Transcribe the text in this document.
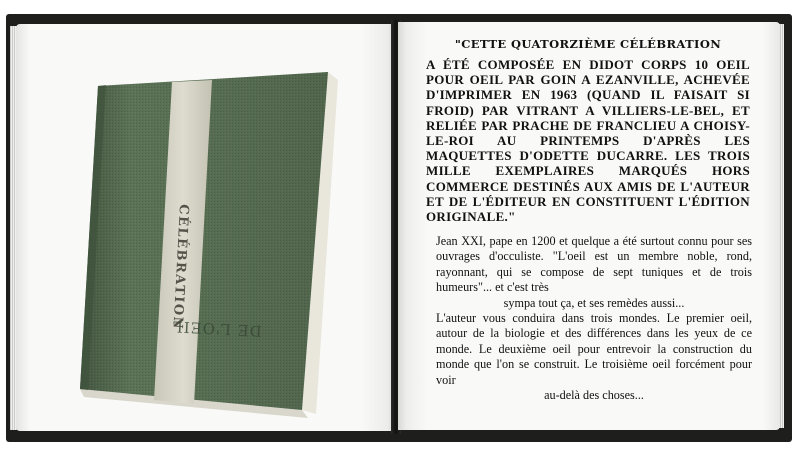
CÉLÉBRATION
DE L'OEIL

"CETTE QUATORZIÈME CÉLÉBRATION

A ÉTÉ COMPOSÉE EN DIDOT CORPS 10 OEIL POUR OEIL PAR GOIN A EZANVILLE, ACHEVÉE D'IMPRIMER EN 1963 (QUAND IL FAISAIT SI FROID) PAR VITRANT A VILLIERS-LE-BEL, ET RELIÉE PAR PRACHE DE FRANCLIEU A CHOISY-LE-ROI AU PRINTEMPS D'APRÈS LES MAQUETTES D'ODETTE DUCARRE. LES TROIS MILLE EXEMPLAIRES MARQUÉS HORS COMMERCE DESTINÉS AUX AMIS DE L'AUTEUR ET DE L'ÉDITEUR EN CONSTITUENT L'ÉDITION ORIGINALE."

Jean XXI, pape en 1200 et quelque a été surtout connu pour ses ouvrages d'occuliste. "L'oeil est un membre noble, rond, rayonnant, qui se compose de sept tuniques et de trois humeurs"... et c'est très

sympa tout ça, et ses remèdes aussi...

L'auteur vous conduira dans trois mondes. Le premier oeil, autour de la biologie et des différences dans les yeux de ce monde. Le deuxième oeil pour entrevoir la construction du monde que l'on se construit. Le troisième oeil forcément pour voir

au-delà des choses...
